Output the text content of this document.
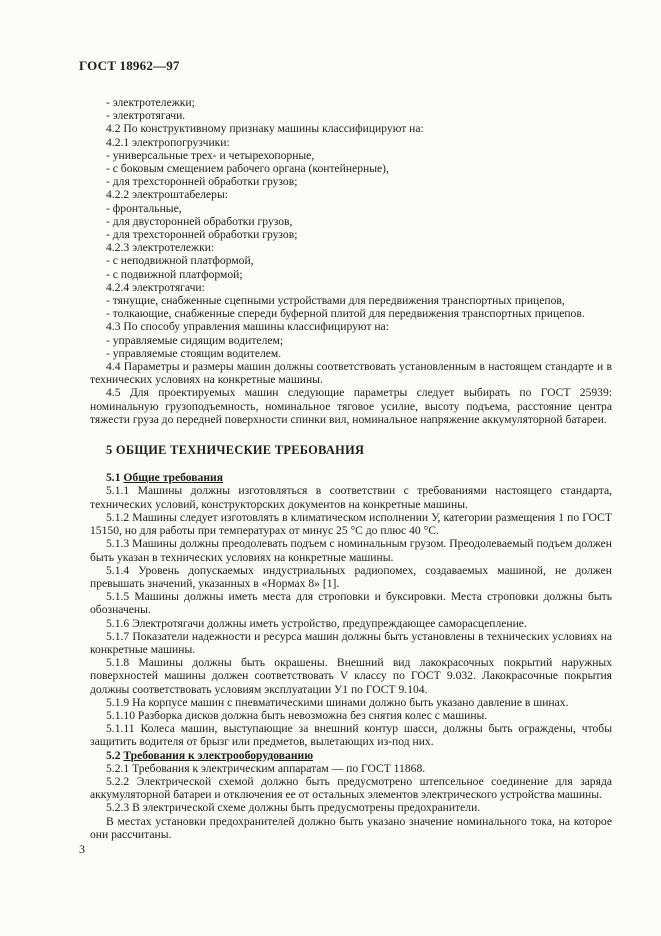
ГОСТ 18962—97

- электротележки;

- электротягачи.

4.2 По конструктивному признаку машины классифицируют на:

4.2.1 электропогрузчики:

- универсальные трех- и четырехопорные,

- с боковым смещением рабочего органа (контейнерные),

- для трехсторонней обработки грузов;

4.2.2 электроштабелеры:

- фронтальные,

- для двусторонней обработки грузов,

- для трехсторонней обработки грузов;

4.2.3 электротележки:

- с неподвижной платформой,

- с подвижной платформой;

4.2.4 электротягачи:

- тянущие, снабженные сцепными устройствами для передвижения транспортных прицепов,

- толкающие, снабженные спереди буферной плитой для передвижения транспортных прицепов.

4.3 По способу управления машины классифицируют на:

- управляемые сидящим водителем;

- управляемые стоящим водителем.

4.4 Параметры и размеры машин должны соответствовать установленным в настоящем стандарте и в технических условиях на конкретные машины.

4.5 Для проектируемых машин следующие параметры следует выбирать по ГОСТ 25939: номинальную грузоподъемность, номинальное тяговое усилие, высоту подъема, расстояние центра тяжести груза до передней поверхности спинки вил, номинальное напряжение аккумуляторной батареи.

5 ОБЩИЕ ТЕХНИЧЕСКИЕ ТРЕБОВАНИЯ

5.1 Общие требования

5.1.1 Машины должны изготовляться в соответствии с требованиями настоящего стандарта, технических условий, конструкторских документов на конкретные машины.

5.1.2 Машины следует изготовлять в климатическом исполнении У, категории размещения 1 по ГОСТ 15150, но для работы при температурах от минус 25 °С до плюс 40 °С.

5.1.3 Машины должны преодолевать подъем с номинальным грузом. Преодолеваемый подъем должен быть указан в технических условиях на конкретные машины.

5.1.4 Уровень допускаемых индустриальных радиопомех, создаваемых машиной, не должен превышать значений, указанных в «Нормах 8» [1].

5.1.5 Машины должны иметь места для строповки и буксировки. Места строповки должны быть обозначены.

5.1.6 Электротягачи должны иметь устройство, предупреждающее саморасцепление.

5.1.7 Показатели надежности и ресурса машин должны быть установлены в технических условиях на конкретные машины.

5.1.8 Машины должны быть окрашены. Внешний вид лакокрасочных покрытий наружных поверхностей машины должен соответствовать V классу по ГОСТ 9.032. Лакокрасочные покрытия должны соответствовать условиям эксплуатации У1 по ГОСТ 9.104.

5.1.9 На корпусе машин с пневматическими шинами должно быть указано давление в шинах.

5.1.10 Разборка дисков должна быть невозможна без снятия колес с машины.

5.1.11 Колеса машин, выступающие за внешний контур шасси, должны быть ограждены, чтобы защитить водителя от брызг или предметов, вылетающих из-под них.

5.2 Требования к электрооборудованию

5.2.1 Требования к электрическим аппаратам — по ГОСТ 11868.

5.2.2 Электрической схемой должно быть предусмотрено штепсельное соединение для заряда аккумуляторной батареи и отключения ее от остальных элементов электрического устройства машины.

5.2.3 В электрической схеме должны быть предусмотрены предохранители.

В местах установки предохранителей должно быть указано значение номинального тока, на которое они рассчитаны.

3
